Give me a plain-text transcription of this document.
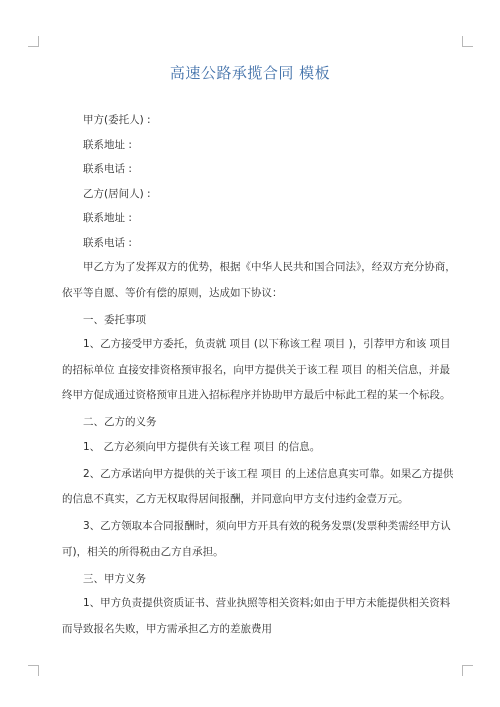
高速公路承揽合同 模板
甲方(委托人) :
联系地址 :
联系电话 :
乙方(居间人) :
联系地址 :
联系电话 :
甲乙方为了发挥双方的优势，根据《中华人民共和国合同法》，经双方充分协商，
依平等自愿、等价有偿的原则，达成如下协议：
一、委托事项
1、乙方接受甲方委托，负责就 项目 (以下称该工程 项目 )，引荐甲方和该 项目
的招标单位 直接安排资格预审报名，向甲方提供关于该工程 项目 的相关信息，并最
终甲方促成通过资格预审且进入招标程序并协助甲方最后中标此工程的某一个标段。
二、乙方的义务
1、 乙方必须向甲方提供有关该工程 项目 的信息。
2、乙方承诺向甲方提供的关于该工程 项目 的上述信息真实可靠。如果乙方提供
的信息不真实，乙方无权取得居间报酬，并同意向甲方支付违约金壹万元。
3、乙方领取本合同报酬时，须向甲方开具有效的税务发票(发票种类需经甲方认
可)，相关的所得税由乙方自承担。
三、甲方义务
1、甲方负责提供资质证书、营业执照等相关资料;如由于甲方未能提供相关资料
而导致报名失败，甲方需承担乙方的差旅费用
